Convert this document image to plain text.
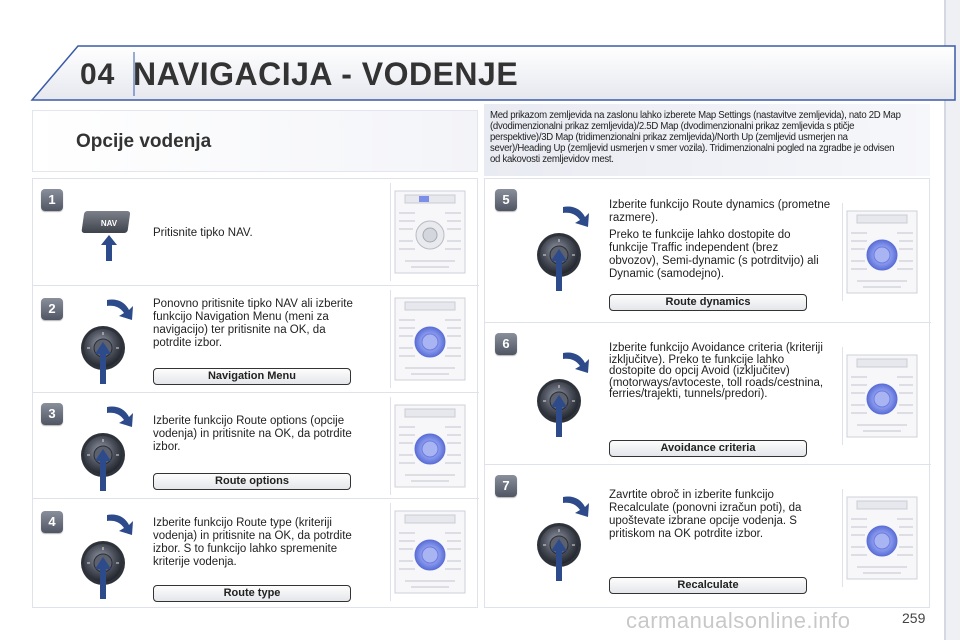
04 NAVIGACIJA - VODENJE
Opcije vodenja
Med prikazom zemljevida na zaslonu lahko izberete Map Settings (nastavitve zemljevida), nato 2D Map (dvodimenzionalni prikaz zemljevida)/2.5D Map (dvodimenzionalni prikaz zemljevida s ptičje perspektive)/3D Map (tridimenzionalni prikaz zemljevida)/North Up (zemljevid usmerjen na sever)/Heading Up (zemljevid usmerjen v smer vozila). Tridimenzionalni pogled na zgradbe je odvisen od kakovosti zemljevidov mest.
1
NAV
Pritisnite tipko NAV.
2	Ponovno pritisnite tipko NAV ali izberite funkcijo Navigation Menu (meni za navigacijo) ter pritisnite na OK, da potrdite izbor.
Navigation Menu
3	Izberite funkcijo Route options (opcije vodenja) in pritisnite na OK, da potrdite izbor.
Route options
4	Izberite funkcijo Route type (kriteriji vodenja) in pritisnite na OK, da potrdite izbor. S to funkcijo lahko spremenite kriterije vodenja.
Route type
5	Izberite funkcijo Route dynamics (prometne razmere).

Preko te funkcije lahko dostopite do funkcije Traffic independent (brez obvozov), Semi-dynamic (s potrditvijo) ali Dynamic (samodejno).

Route dynamics
6	Izberite funkcijo Avoidance criteria (kriteriji izključitve). Preko te funkcije lahko dostopite do opcij Avoid (izključitev) (motorways/avtoceste, toll roads/cestnina, ferries/trajekti, tunnels/predori).
Avoidance criteria
7
Zavrtite obroč in izberite funkcijo Recalculate (ponovni izračun poti), da upoštevate izbrane opcije vodenja. S pritiskom na OK potrdite izbor.
Recalculate
carmanualsonline.info	259
